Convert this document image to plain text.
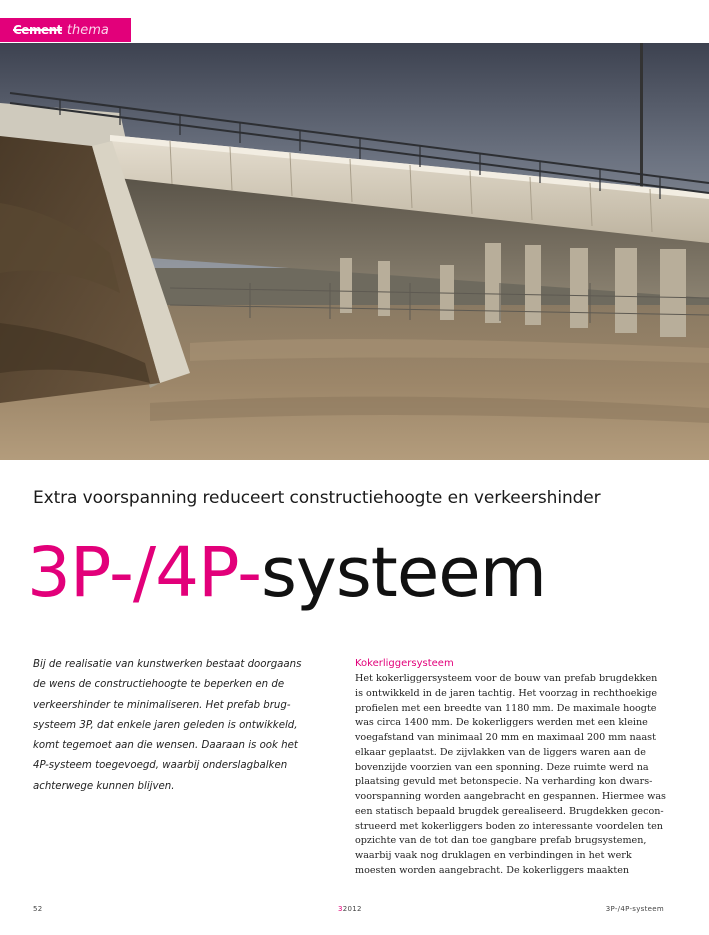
Cement thema
Extra voorspanning reduceert constructiehoogte en verkeershinder
3P-/4P-systeem

Bij de realisatie van kunstwerken bestaat doorgaans de wens de constructiehoogte te beperken en de verkeershinder te minimaliseren. Het prefab brug-systeem 3P, dat enkele jaren geleden is ontwikkeld, komt tegemoet aan die wensen. Daaraan is ook het 4P-systeem toegevoegd, waarbij onderslagbalken achterwege kunnen blijven.

Kokerliggersysteem
Het kokerliggersysteem voor de bouw van prefab brugdekken
is ontwikkeld in de jaren tachtig. Het voorzag in rechthoekige
profielen met een breedte van 1180 mm. De maximale hoogte
was circa 1400 mm. De kokerliggers werden met een kleine
voegafstand van minimaal 20 mm en maximaal 200 mm naast
elkaar geplaatst. De zijvlakken van de liggers waren aan de
bovenzijde voorzien van een sponning. Deze ruimte werd na
plaatsing gevuld met betonspecie. Na verharding kon dwars-
voorspanning worden aangebracht en gespannen. Hiermee was
een statisch bepaald brugdek gerealiseerd. Brugdekken gecon-
strueerd met kokerliggers boden zo interessante voordelen ten
opzichte van de tot dan toe gangbare prefab brugsystemen,
waarbij vaak nog druklagen en verbindingen in het werk
moesten worden aangebracht. De kokerliggers maakten
52	32012	3P-/4P-systeem
